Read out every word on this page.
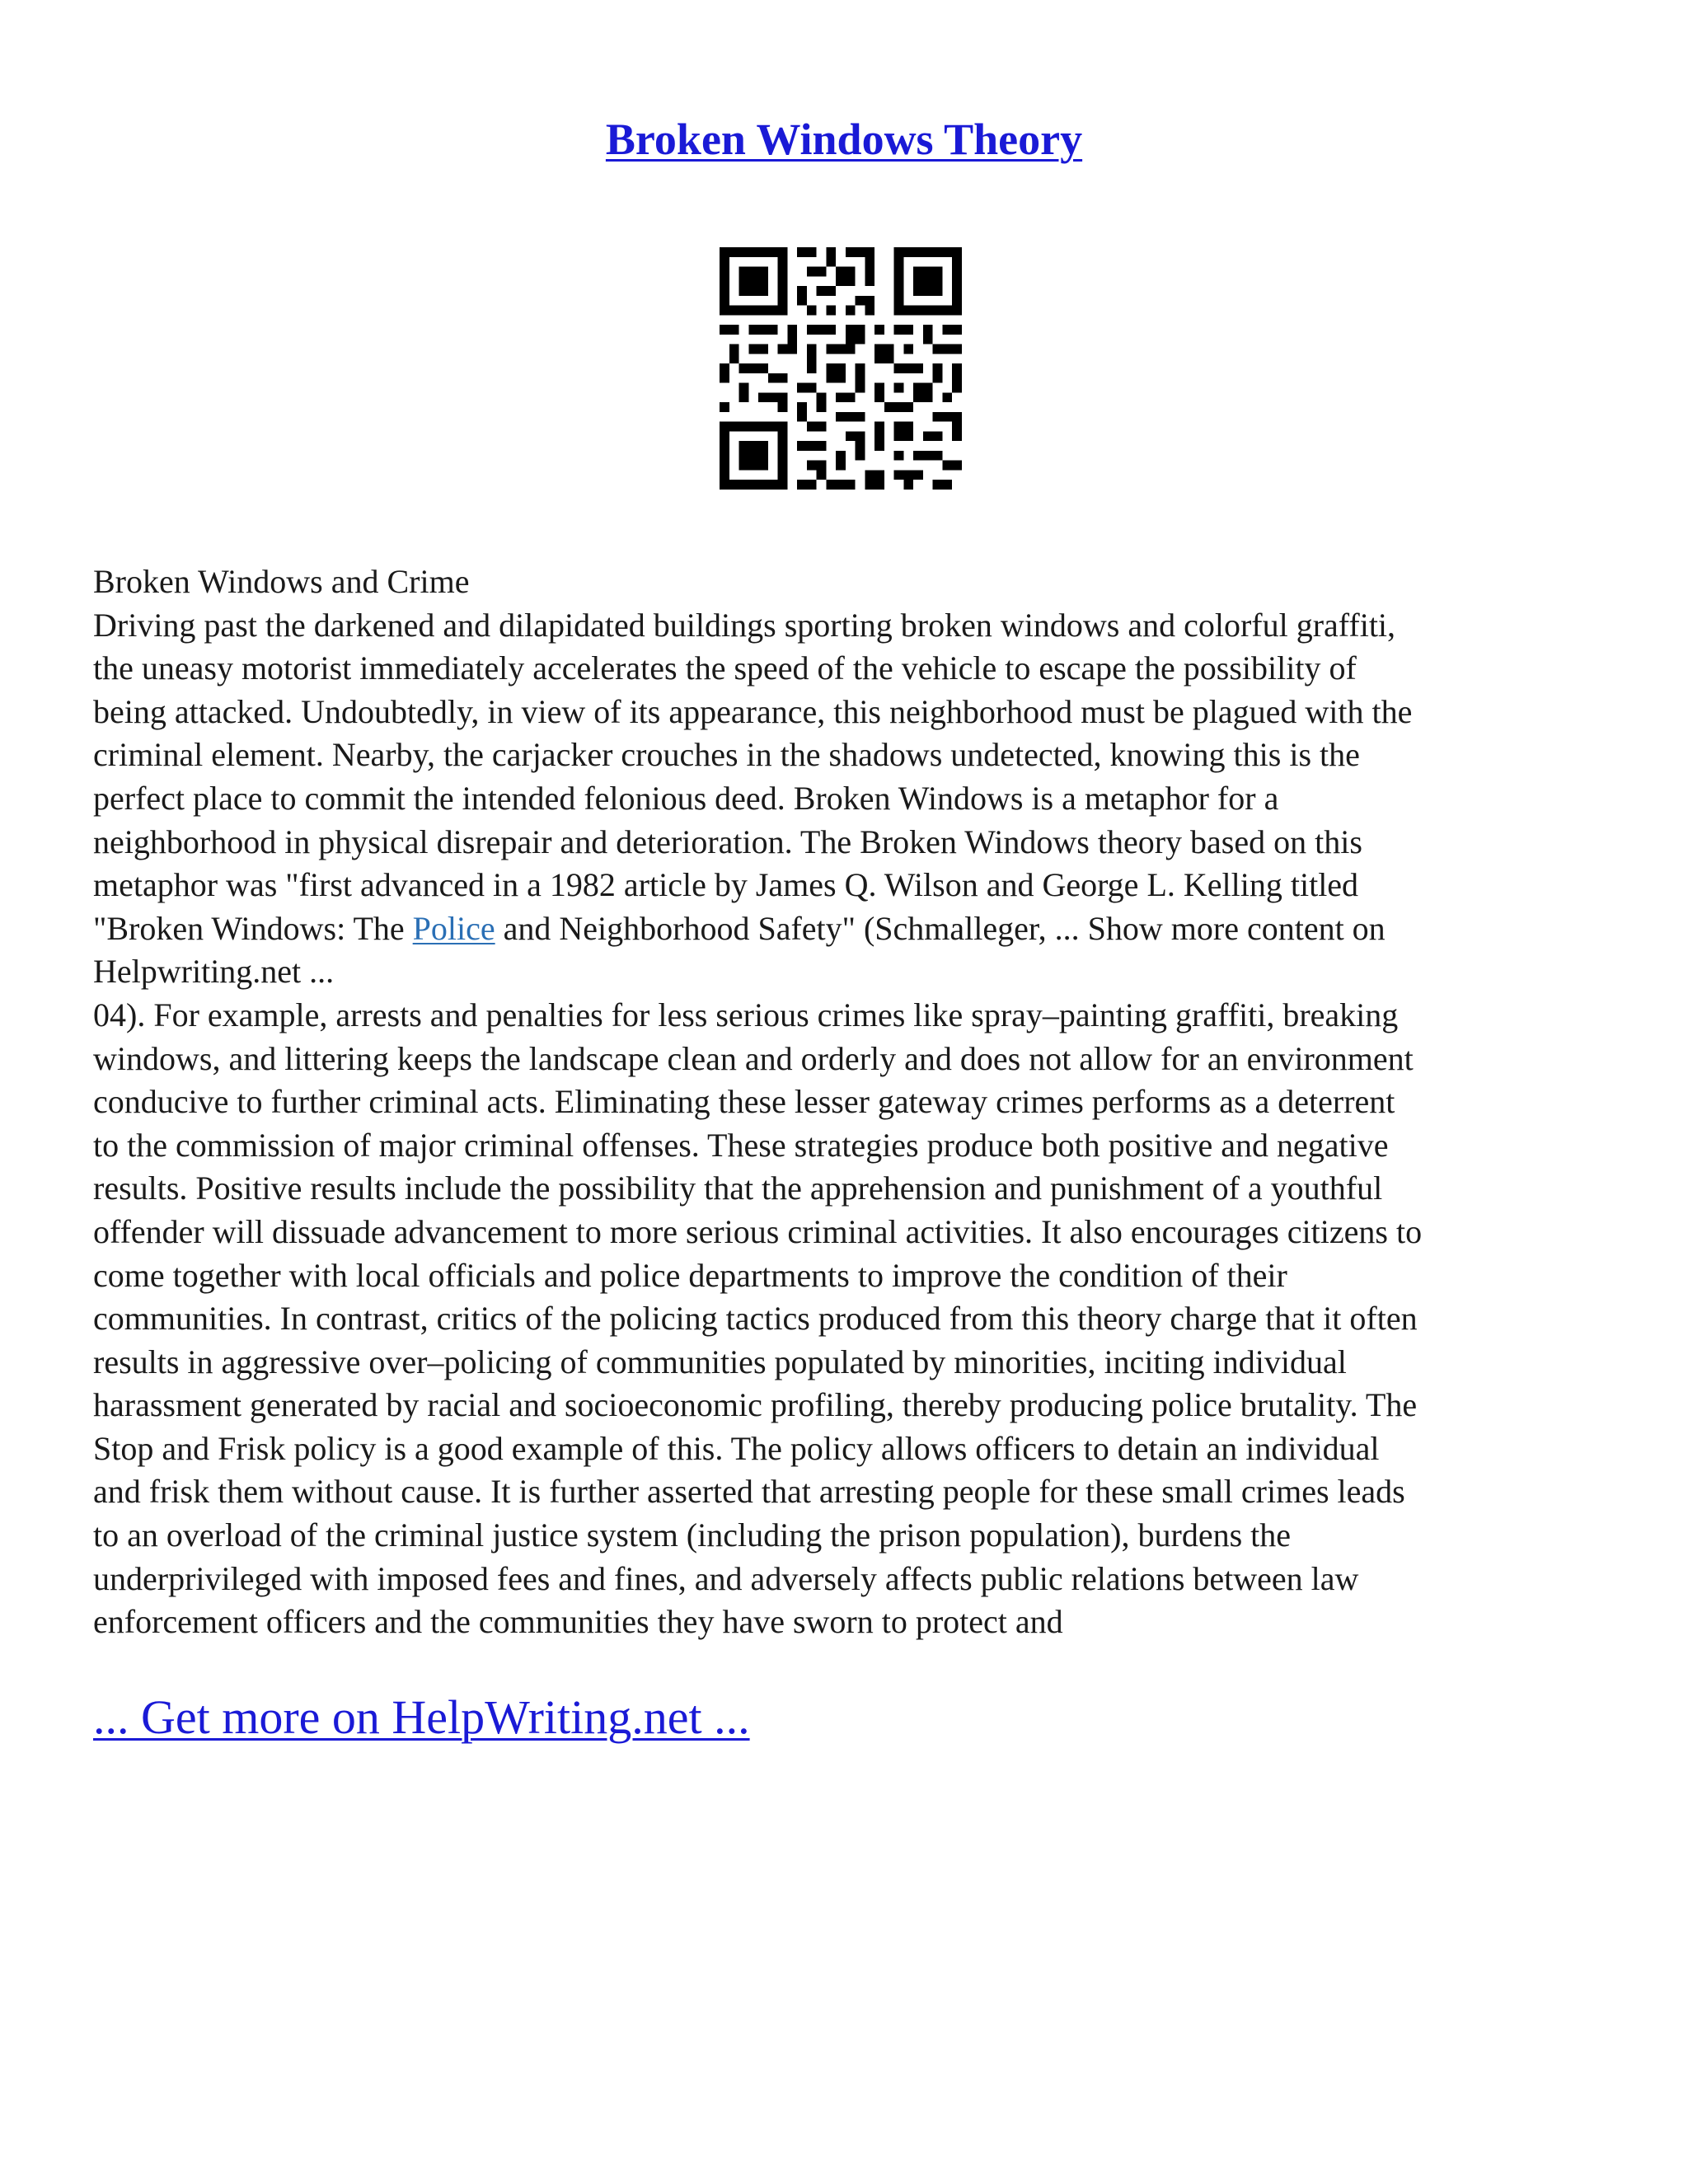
Broken Windows Theory
Broken Windows and Crime
Driving past the darkened and dilapidated buildings sporting broken windows and colorful graffiti,
the uneasy motorist immediately accelerates the speed of the vehicle to escape the possibility of
being attacked. Undoubtedly, in view of its appearance, this neighborhood must be plagued with the
criminal element. Nearby, the carjacker crouches in the shadows undetected, knowing this is the
perfect place to commit the intended felonious deed. Broken Windows is a metaphor for a
neighborhood in physical disrepair and deterioration. The Broken Windows theory based on this
metaphor was "first advanced in a 1982 article by James Q. Wilson and George L. Kelling titled
"Broken Windows: The Police and Neighborhood Safety" (Schmalleger, ... Show more content on
Helpwriting.net ...
04). For example, arrests and penalties for less serious crimes like spray–painting graffiti, breaking
windows, and littering keeps the landscape clean and orderly and does not allow for an environment
conducive to further criminal acts. Eliminating these lesser gateway crimes performs as a deterrent
to the commission of major criminal offenses. These strategies produce both positive and negative
results. Positive results include the possibility that the apprehension and punishment of a youthful
offender will dissuade advancement to more serious criminal activities. It also encourages citizens to
come together with local officials and police departments to improve the condition of their
communities. In contrast, critics of the policing tactics produced from this theory charge that it often
results in aggressive over–policing of communities populated by minorities, inciting individual
harassment generated by racial and socioeconomic profiling, thereby producing police brutality. The
Stop and Frisk policy is a good example of this. The policy allows officers to detain an individual
and frisk them without cause. It is further asserted that arresting people for these small crimes leads
to an overload of the criminal justice system (including the prison population), burdens the
underprivileged with imposed fees and fines, and adversely affects public relations between law
enforcement officers and the communities they have sworn to protect and
... Get more on HelpWriting.net ...
